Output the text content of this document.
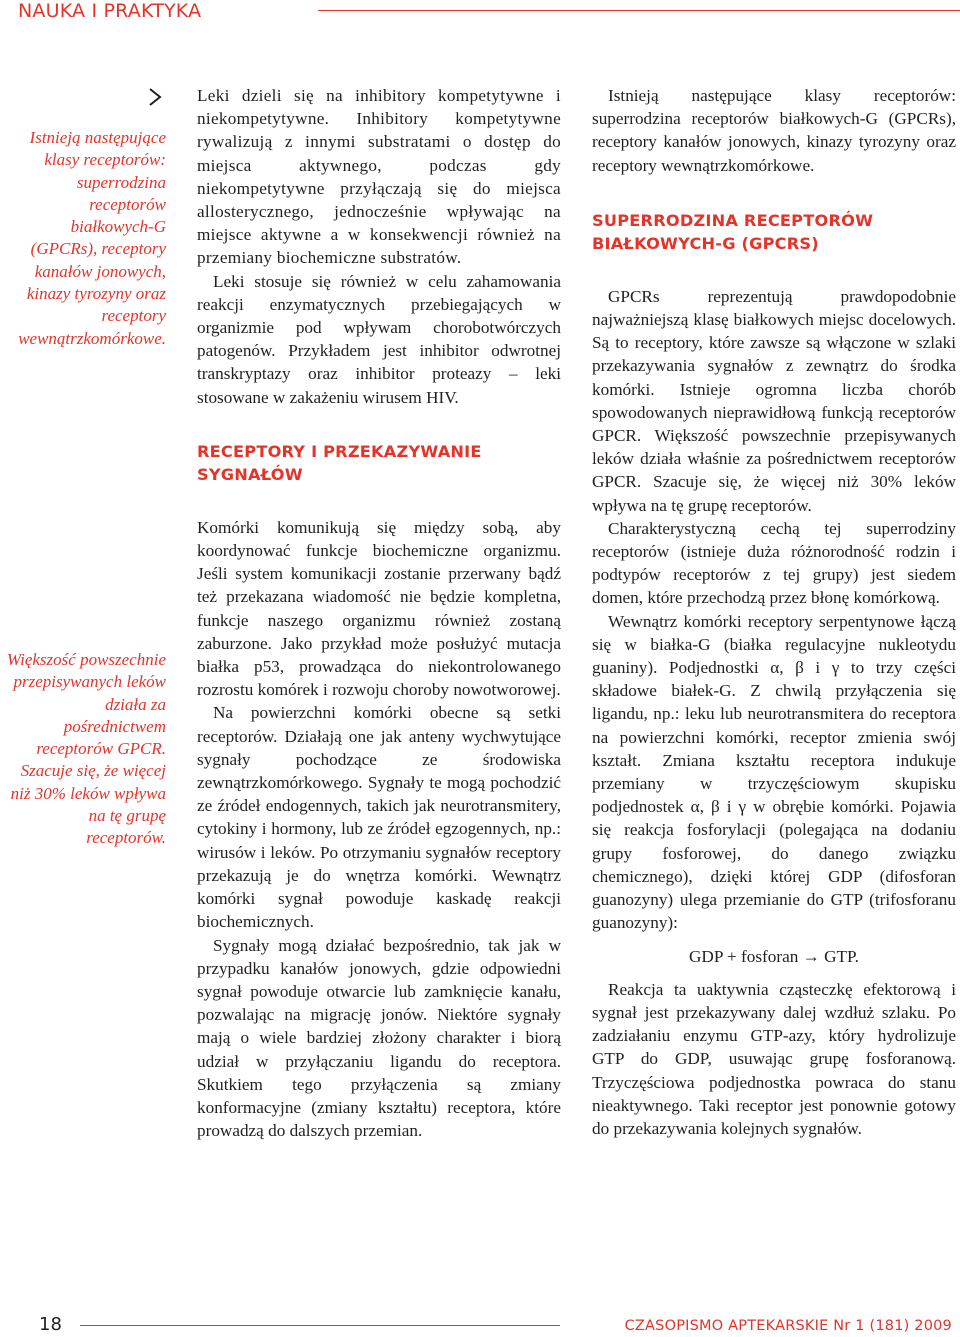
NAUKA I PRAKTYKA

Istnieją następujące klasy receptorów: superrodzina receptorów białkowych-G (GPCRs), receptory kanałów jonowych, kinazy tyrozyny oraz receptory wewnątrzkomórkowe.

Większość powszechnie przepisywanych leków działa za pośrednictwem receptorów GPCR. Szacuje się, że więcej niż 30% leków wpływa na tę grupę receptorów.

Leki dzieli się na inhibitory kompetytywne i niekompetytywne. Inhibitory kompetytywne rywalizują z innymi substratami o dostęp do miejsca aktywnego, podczas gdy niekompetytywne przyłączają się do miejsca allosterycznego, jednocześnie wpływając na miejsce aktywne a w konsekwencji również na przemiany biochemiczne substratów.

Leki stosuje się również w celu zahamowania reakcji enzymatycznych przebiegających w organizmie pod wpływam chorobotwórczych patogenów. Przykładem jest inhibitor odwrotnej transkryptazy oraz inhibitor proteazy – leki stosowane w zakażeniu wirusem HIV.

RECEPTORY I PRZEKAZYWANIE SYGNAŁÓW

Komórki komunikują się między sobą, aby koordynować funkcje biochemiczne organizmu. Jeśli system komunikacji zostanie przerwany bądź też przekazana wiadomość nie będzie kompletna, funkcje naszego organizmu również zostaną zaburzone. Jako przykład może posłużyć mutacja białka p53, prowadząca do niekontrolowanego rozrostu komórek i rozwoju choroby nowotworowej.

Na powierzchni komórki obecne są setki receptorów. Działają one jak anteny wychwytujące sygnały pochodzące ze środowiska zewnątrzkomórkowego. Sygnały te mogą pochodzić ze źródeł endogennych, takich jak neurotransmitery, cytokiny i hormony, lub ze źródeł egzogennych, np.: wirusów i leków. Po otrzymaniu sygnałów receptory przekazują je do wnętrza komórki. Wewnątrz komórki sygnał powoduje kaskadę reakcji biochemicznych.

Sygnały mogą działać bezpośrednio, tak jak w przypadku kanałów jonowych, gdzie odpowiedni sygnał powoduje otwarcie lub zamknięcie kanału, pozwalając na migrację jonów. Niektóre sygnały mają o wiele bardziej złożony charakter i biorą udział w przyłączaniu ligandu do receptora. Skutkiem tego przyłączenia są zmiany konformacyjne (zmiany kształtu) receptora, które prowadzą do dalszych przemian.

Istnieją następujące klasy receptorów: superrodzina receptorów białkowych-G (GPCRs), receptory kanałów jonowych, kinazy tyrozyny oraz receptory wewnątrzkomórkowe.

SUPERRODZINA RECEPTORÓW BIAŁKOWYCH-G (GPCRS)

GPCRs reprezentują prawdopodobnie najważniejszą klasę białkowych miejsc docelowych. Są to receptory, które zawsze są włączone w szlaki przekazywania sygnałów z zewnątrz do środka komórki. Istnieje ogromna liczba chorób spowodowanych nieprawidłową funkcją receptorów GPCR. Większość powszechnie przepisywanych leków działa właśnie za pośrednictwem receptorów GPCR. Szacuje się, że więcej niż 30% leków wpływa na tę grupę receptorów.

Charakterystyczną cechą tej superrodziny receptorów (istnieje duża różnorodność rodzin i podtypów receptorów z tej grupy) jest siedem domen, które przechodzą przez błonę komórkową.

Wewnątrz komórki receptory serpentynowe łączą się w białka-G (białka regulacyjne nukleotydu guaniny). Podjednostki α, β i γ to trzy części składowe białek-G. Z chwilą przyłączenia się ligandu, np.: leku lub neurotransmitera do receptora na powierzchni komórki, receptor zmienia swój kształt. Zmiana kształtu receptora indukuje przemiany w trzyczęściowym skupisku podjednostek α, β i γ w obrębie komórki. Pojawia się reakcja fosforylacji (polegająca na dodaniu grupy fosforowej, do danego związku chemicznego), dzięki której GDP (difosforan guanozyny) ulega przemianie do GTP (trifosforanu guanozyny):

GDP + fosforan → GTP.

Reakcja ta uaktywnia cząsteczkę efektorową i sygnał jest przekazywany dalej wzdłuż szlaku. Po zadziałaniu enzymu GTP-azy, który hydrolizuje GTP do GDP, usuwając grupę fosforanową. Trzyczęściowa podjednostka powraca do stanu nieaktywnego. Taki receptor jest ponownie gotowy do przekazywania kolejnych sygnałów.

18	CZASOPISMO APTEKARSKIE Nr 1 (181) 2009
